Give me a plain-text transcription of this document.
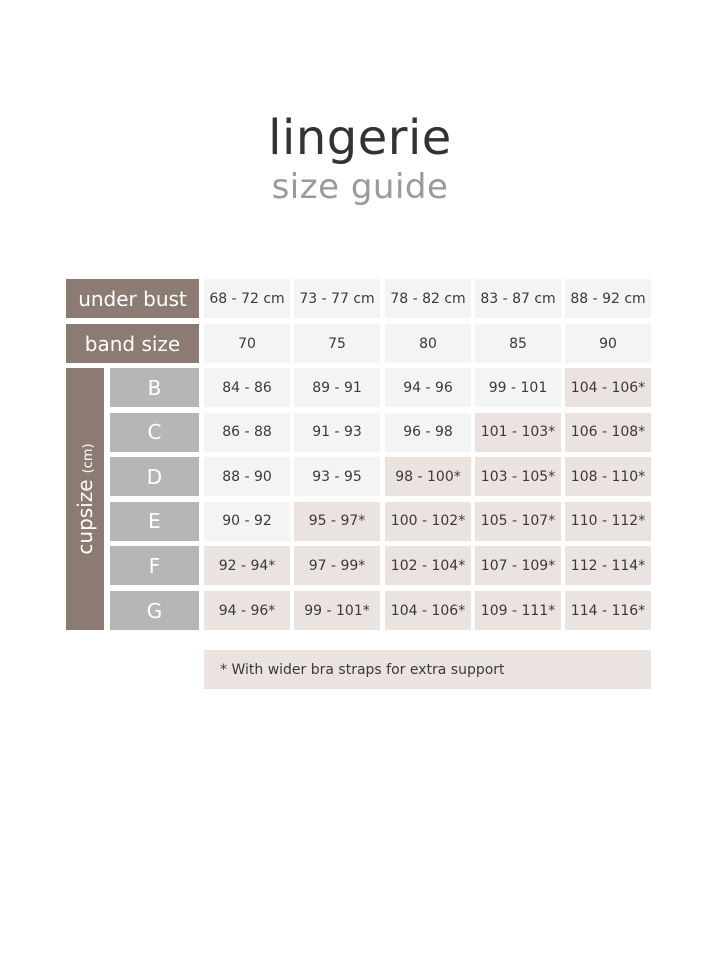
lingerie
size guide
under bust
band size
cupsize(cm)
68 - 72 cm	73 - 77 cm	78 - 82 cm	83 - 87 cm	88 - 92 cm
70	75	80	85	90
B	84 - 86	89 - 91	94 - 96	99 - 101	104 - 106*
C	86 - 88	91 - 93	96 - 98	101 - 103*	106 - 108*
D	88 - 90	93 - 95	98 - 100*	103 - 105*	108 - 110*
E	90 - 92	95 - 97*	100 - 102*	105 - 107*	110 - 112*
F	92 - 94*	97 - 99*	102 - 104*	107 - 109*	112 - 114*
G	94 - 96*	99 - 101*	104 - 106*	109 - 111*	114 - 116*
* With wider bra straps for extra support
